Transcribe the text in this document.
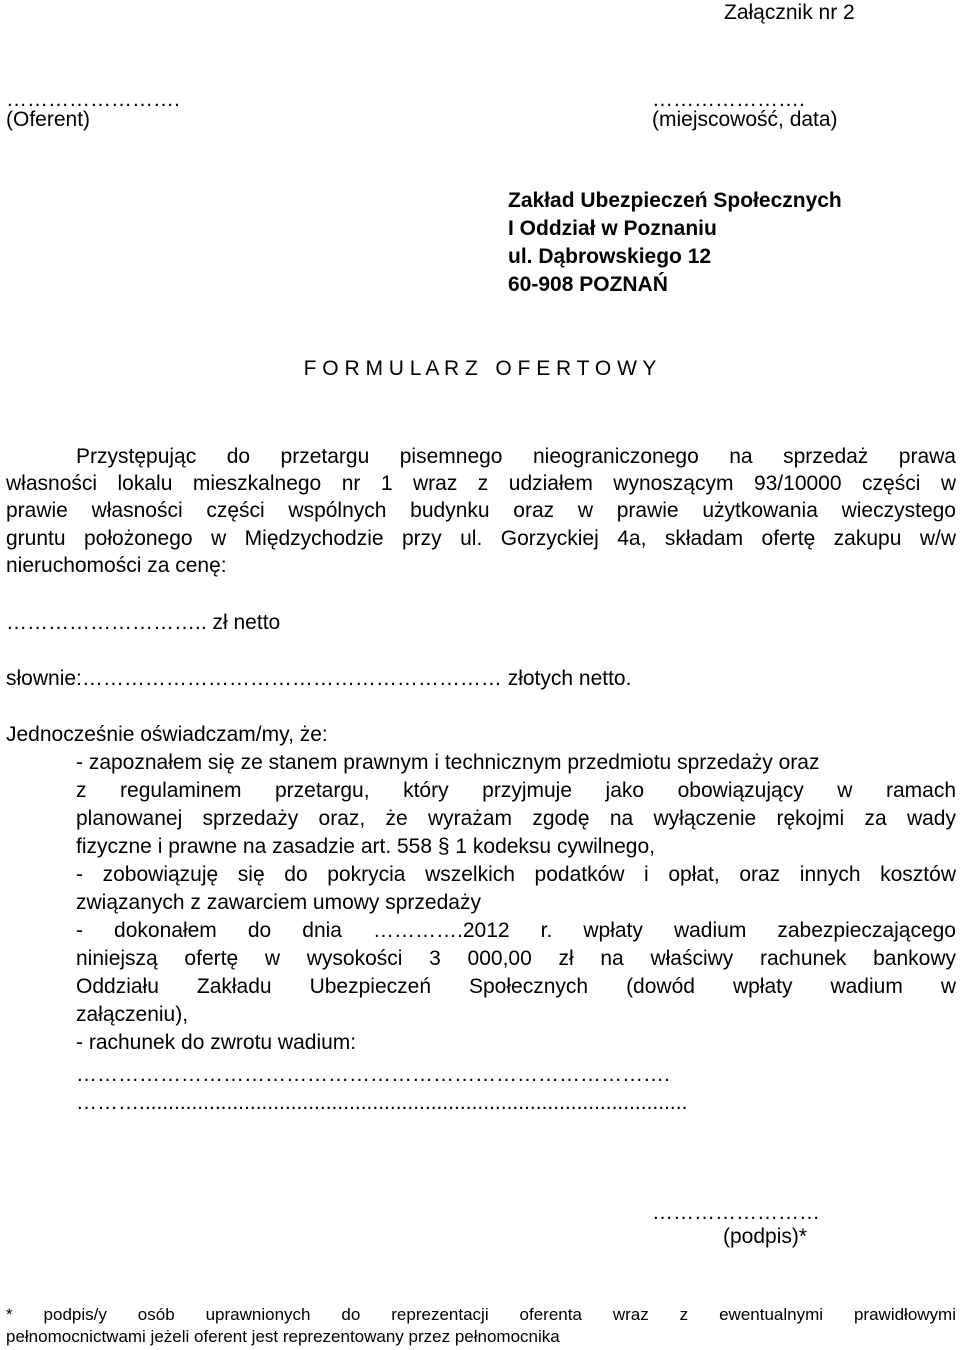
Załącznik nr 2
…………………….
(Oferent)
………………….
(miejscowość, data)
Zakład Ubezpieczeń Społecznych
I Oddział w Poznaniu
ul. Dąbrowskiego 12
60-908 POZNAŃ
F O R M U L A R Z   O F E R T O W Y
Przystępując do przetargu pisemnego nieograniczonego na sprzedaż prawa
własności lokalu mieszkalnego nr 1 wraz z udziałem wynoszącym 93/10000 części w
prawie własności części wspólnych budynku oraz w prawie użytkowania wieczystego
gruntu położonego w Międzychodzie przy ul. Gorzyckiej 4a, składam ofertę zakupu w/w
nieruchomości za cenę:
……………………….. zł netto
słownie:…………………………………………………… złotych netto.
Jednocześnie oświadczam/my, że:
- zapoznałem się ze stanem prawnym i technicznym przedmiotu sprzedaży oraz
z regulaminem przetargu, który przyjmuje jako obowiązujący w ramach
planowanej sprzedaży oraz, że wyrażam zgodę na wyłączenie rękojmi za wady
fizyczne i prawne na zasadzie art. 558 § 1 kodeksu cywilnego,
- zobowiązuję się do pokrycia wszelkich podatków i opłat, oraz innych kosztów
związanych z zawarciem umowy sprzedaży
- dokonałem do dnia ………….2012 r. wpłaty wadium zabezpieczającego
niniejszą ofertę w wysokości 3 000,00 zł na właściwy rachunek bankowy
Oddziału Zakładu Ubezpieczeń Społecznych (dowód wpłaty wadium w
załączeniu),
- rachunek do zwrotu wadium:
………………………………………………………………………….
………..............................................................................................
……………………
(podpis)*
* podpis/y osób uprawnionych do reprezentacji oferenta wraz z ewentualnymi prawidłowymi
pełnomocnictwami jeżeli oferent jest reprezentowany przez pełnomocnika
